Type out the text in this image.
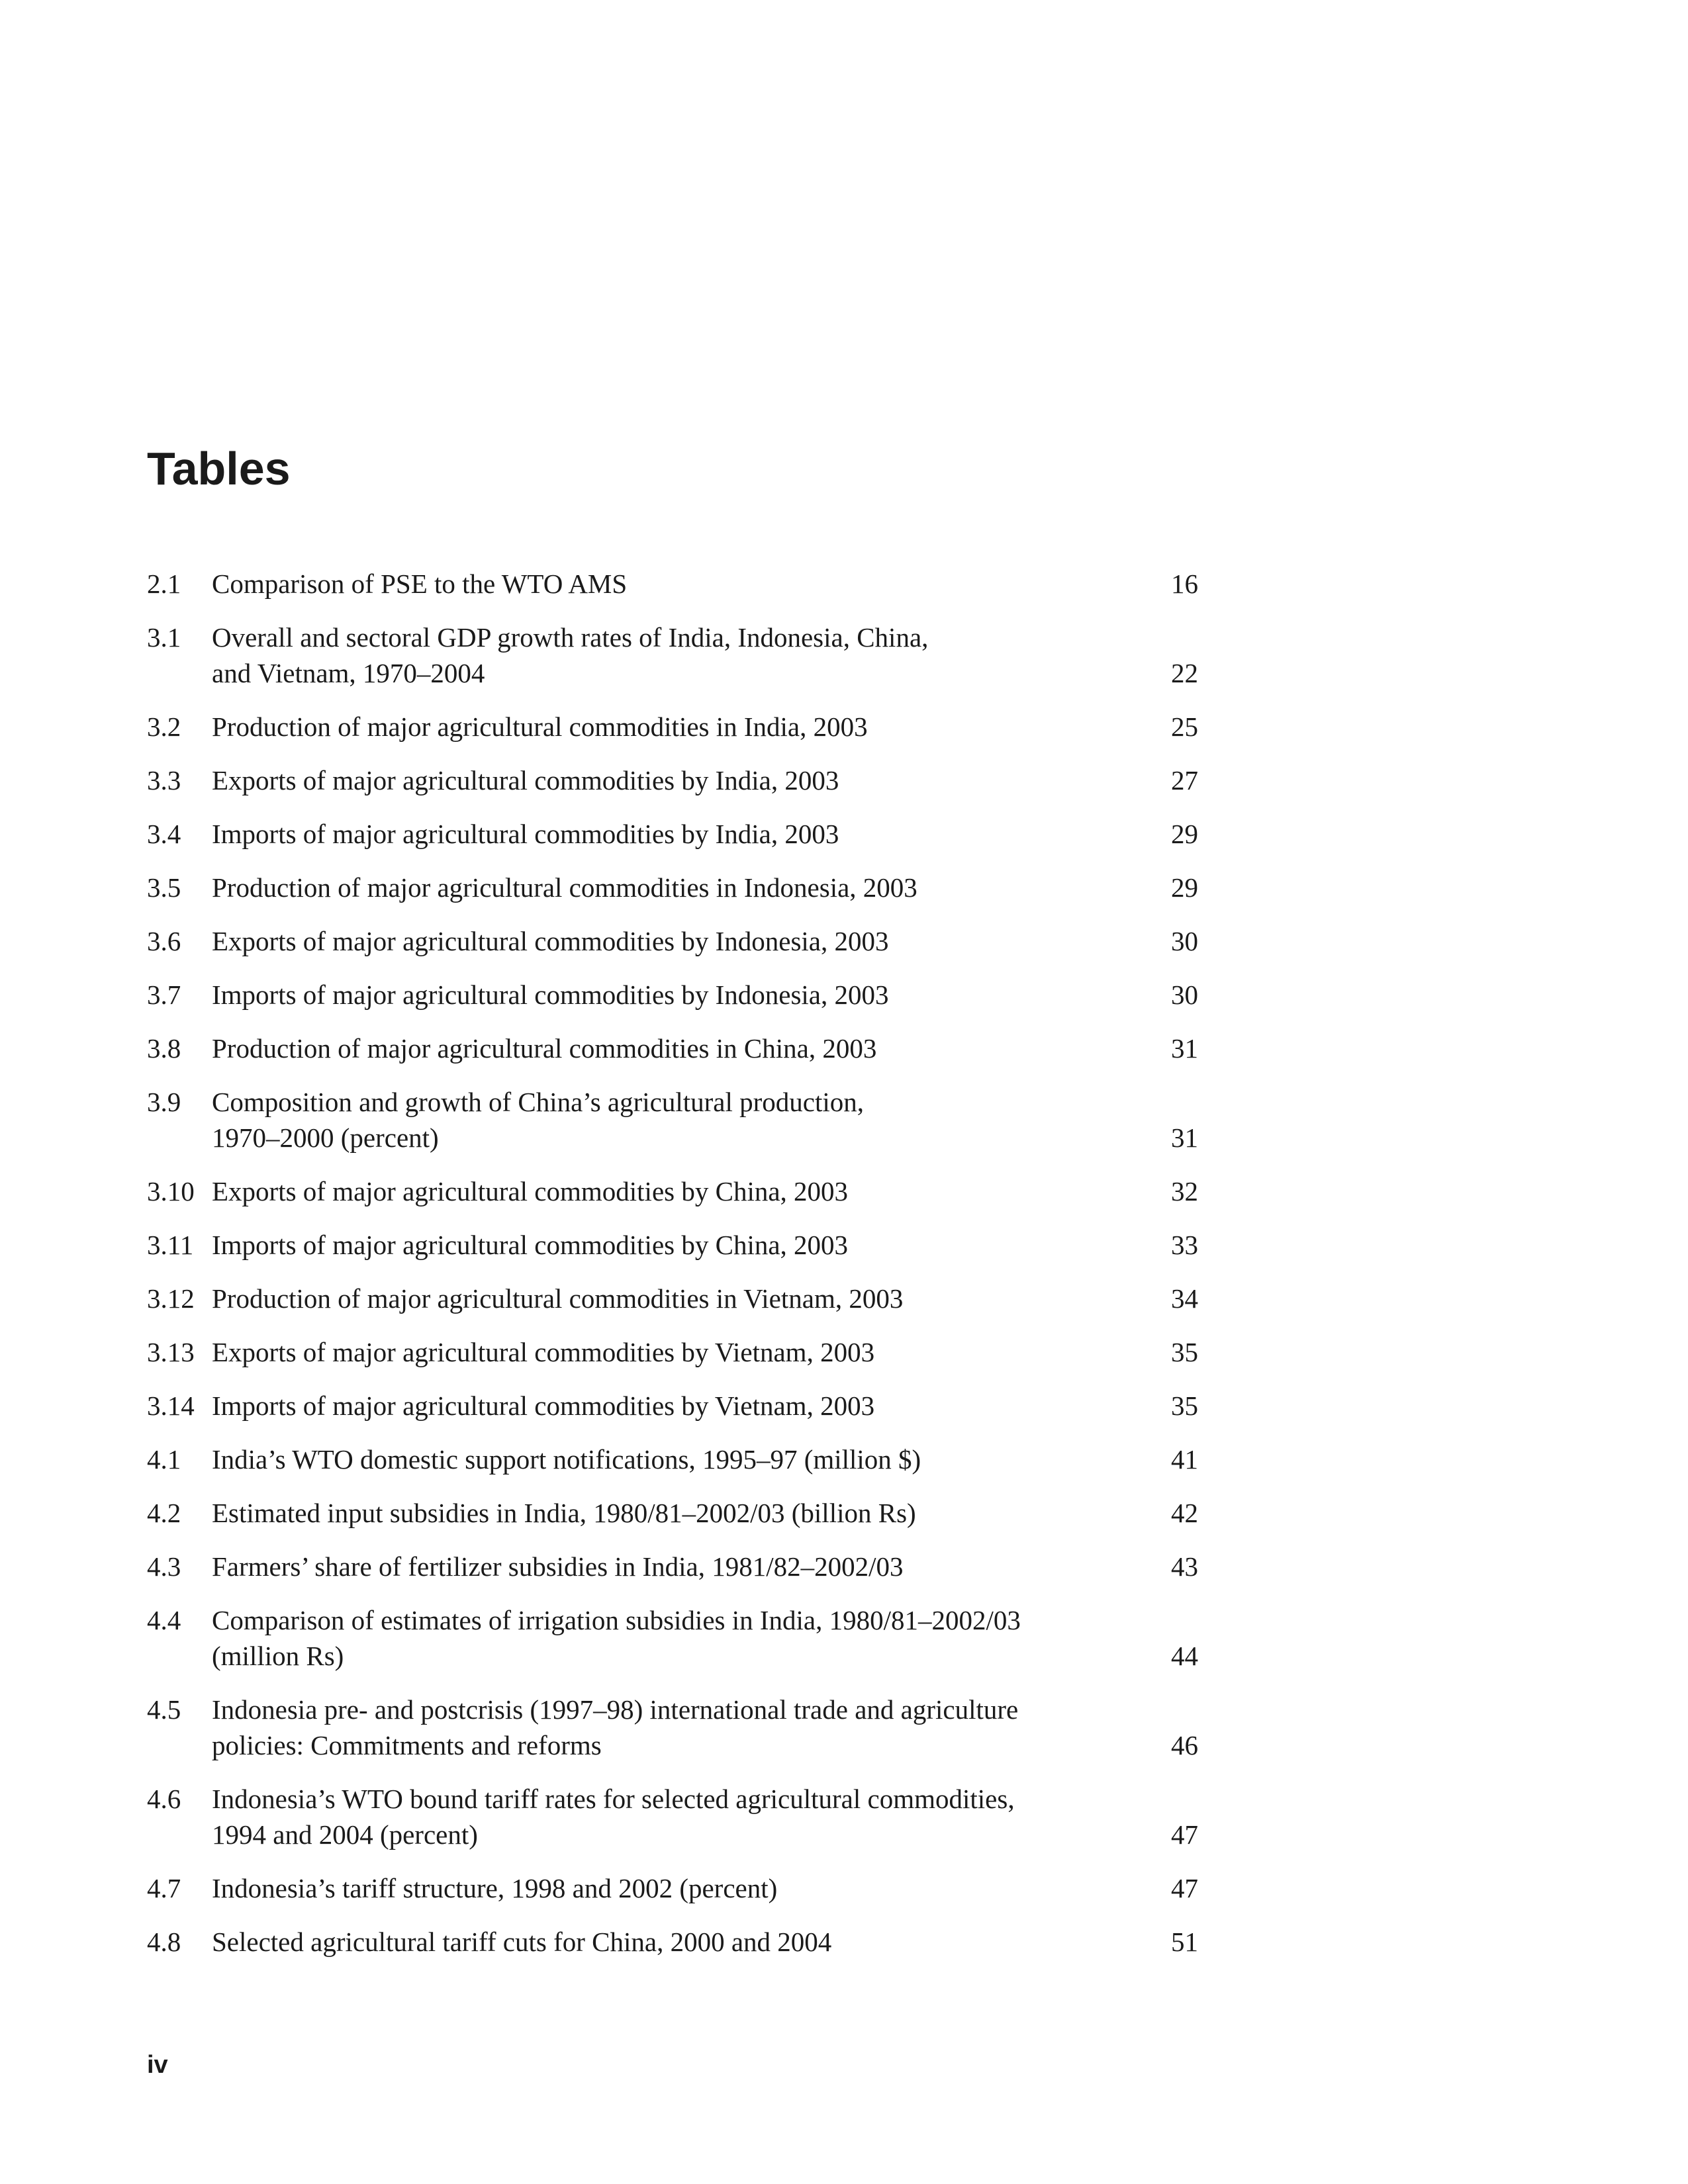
Tables
2.1	Comparison of PSE to the WTO AMS	16
3.1	Overall and sectoral GDP growth rates of India, Indonesia, China,
and Vietnam, 1970–2004	22
3.2	Production of major agricultural commodities in India, 2003	25
3.3	Exports of major agricultural commodities by India, 2003	27
3.4	Imports of major agricultural commodities by India, 2003	29
3.5	Production of major agricultural commodities in Indonesia, 2003	29
3.6	Exports of major agricultural commodities by Indonesia, 2003	30
3.7	Imports of major agricultural commodities by Indonesia, 2003	30
3.8	Production of major agricultural commodities in China, 2003	31
3.9	Composition and growth of China’s agricultural production,
1970–2000 (percent)	31
3.10 Exports of major agricultural commodities by China, 2003	32
3.11 Imports of major agricultural commodities by China, 2003	33
3.12 Production of major agricultural commodities in Vietnam, 2003	34
3.13 Exports of major agricultural commodities by Vietnam, 2003	35
3.14 Imports of major agricultural commodities by Vietnam, 2003	35
4.1	India’s WTO domestic support notifications, 1995–97 (million $)	41
4.2	Estimated input subsidies in India, 1980/81–2002/03 (billion Rs)	42
4.3	Farmers’ share of fertilizer subsidies in India, 1981/82–2002/03	43
4.4	Comparison of estimates of irrigation subsidies in India, 1980/81–2002/03
(million Rs)	44
4.5	Indonesia pre- and postcrisis (1997–98) international trade and agriculture
policies: Commitments and reforms	46
4.6	Indonesia’s WTO bound tariff rates for selected agricultural commodities,
1994 and 2004 (percent)	47
4.7	Indonesia’s tariff structure, 1998 and 2002 (percent)	47
4.8	Selected agricultural tariff cuts for China, 2000 and 2004	51
iv
